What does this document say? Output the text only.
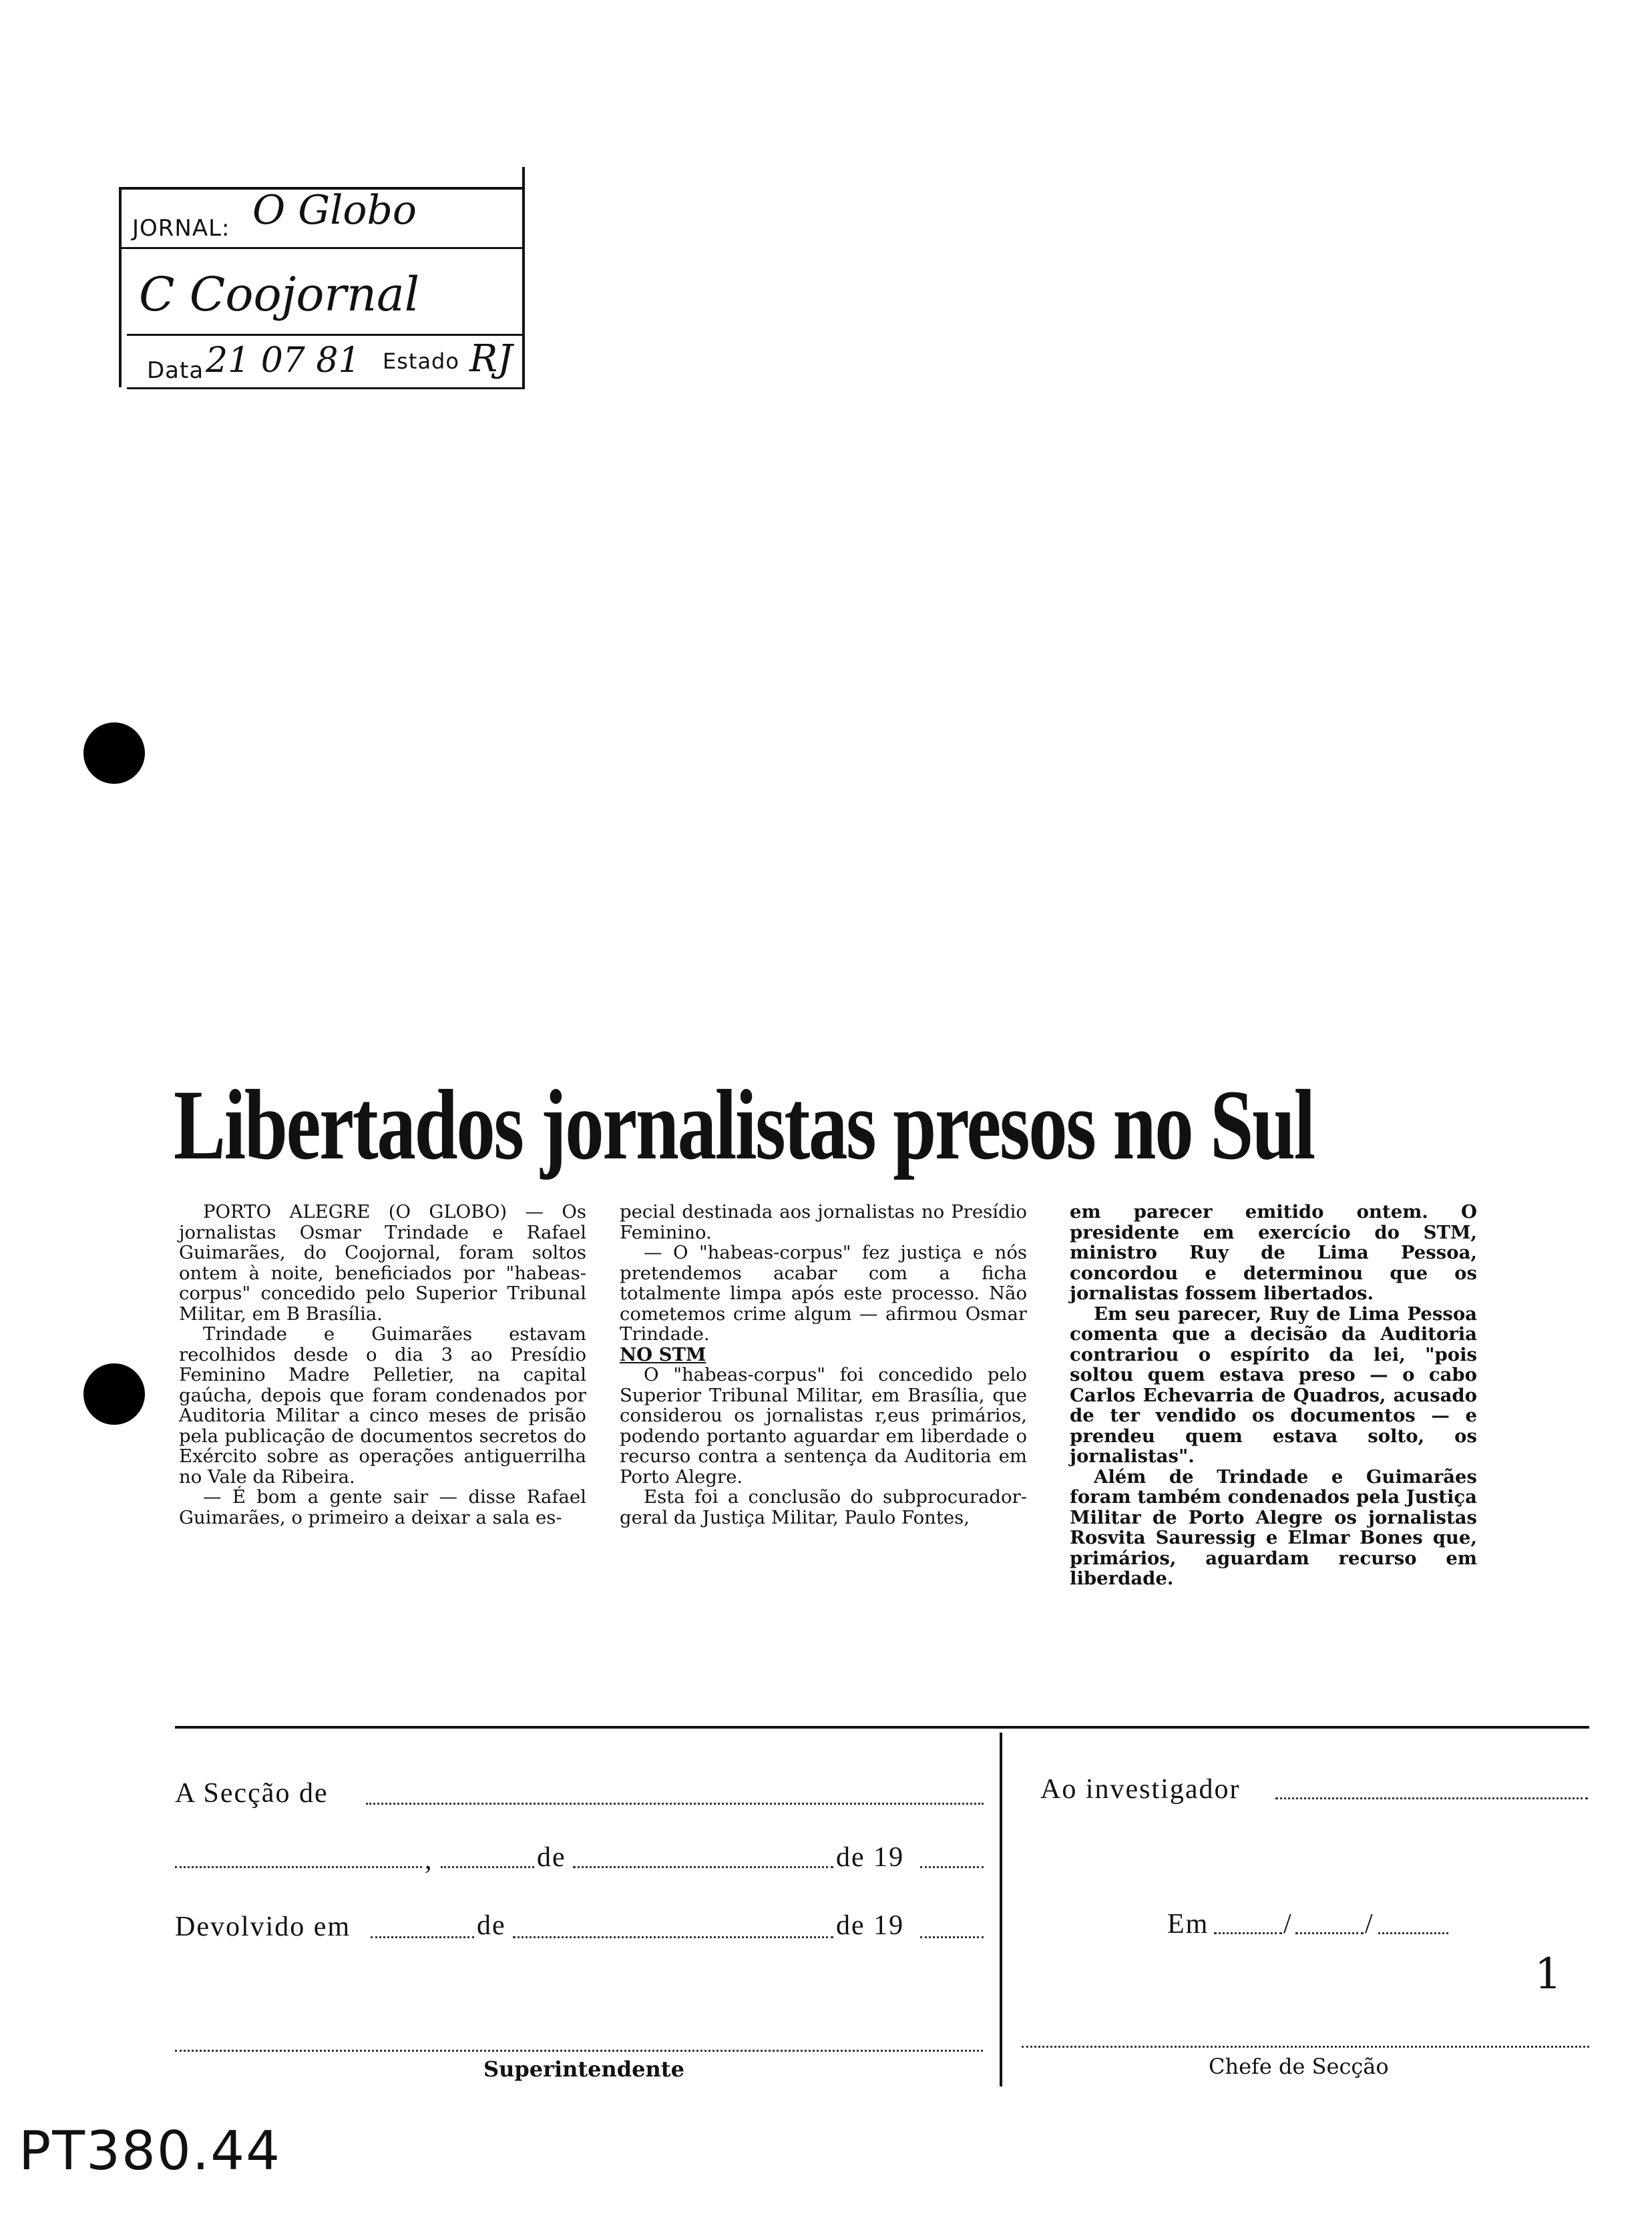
JORNAL: O Globo
C Coojornal
Data 21 07 81 Estado RJ
Libertados jornalistas presos no Sul

PORTO ALEGRE (O GLOBO) — Os jornalistas Osmar Trindade e Rafael Guimarães, do Coojornal, foram soltos ontem à noite, beneficiados por "habeas-corpus" concedido pelo Superior Tribunal Militar, em B Brasília.

Trindade e Guimarães estavam recolhidos desde o dia 3 ao Presídio Feminino Madre Pelletier, na capital gaúcha, depois que foram condenados por Auditoria Militar a cinco meses de prisão pela publicação de documentos secretos do Exército sobre as operações antiguerrilha no Vale da Ribeira.

— É bom a gente sair — disse Rafael Guimarães, o primeiro a deixar a sala es-

pecial destinada aos jornalistas no Presídio Feminino.

— O "habeas-corpus" fez justiça e nós pretendemos acabar com a ficha totalmente limpa após este processo. Não cometemos crime algum — afirmou Osmar Trindade.

NO STM

O "habeas-corpus" foi concedido pelo Superior Tribunal Militar, em Brasília, que considerou os jornalistas r,eus primários, podendo portanto aguardar em liberdade o recurso contra a sentença da Auditoria em Porto Alegre.

Esta foi a conclusão do subprocurador-geral da Justiça Militar, Paulo Fontes,

em parecer emitido ontem. O presidente em exercício do STM, ministro Ruy de Lima Pessoa, concordou e determinou que os jornalistas fossem libertados.

Em seu parecer, Ruy de Lima Pessoa comenta que a decisão da Auditoria contrariou o espírito da lei, "pois soltou quem estava preso — o cabo Carlos Echevarria de Quadros, acusado de ter vendido os documentos — e prendeu quem estava solto, os jornalistas".

Além de Trindade e Guimarães foram também condenados pela Justiça Militar de Porto Alegre os jornalistas Rosvita Sauressig e Elmar Bones que, primários, aguardam recurso em liberdade.

A Secção de
,	de	de 19
Devolvido em	de	de 19
Superintendente
Ao investigador
Em	/	/
1
Chefe de Secção
PT380.44
